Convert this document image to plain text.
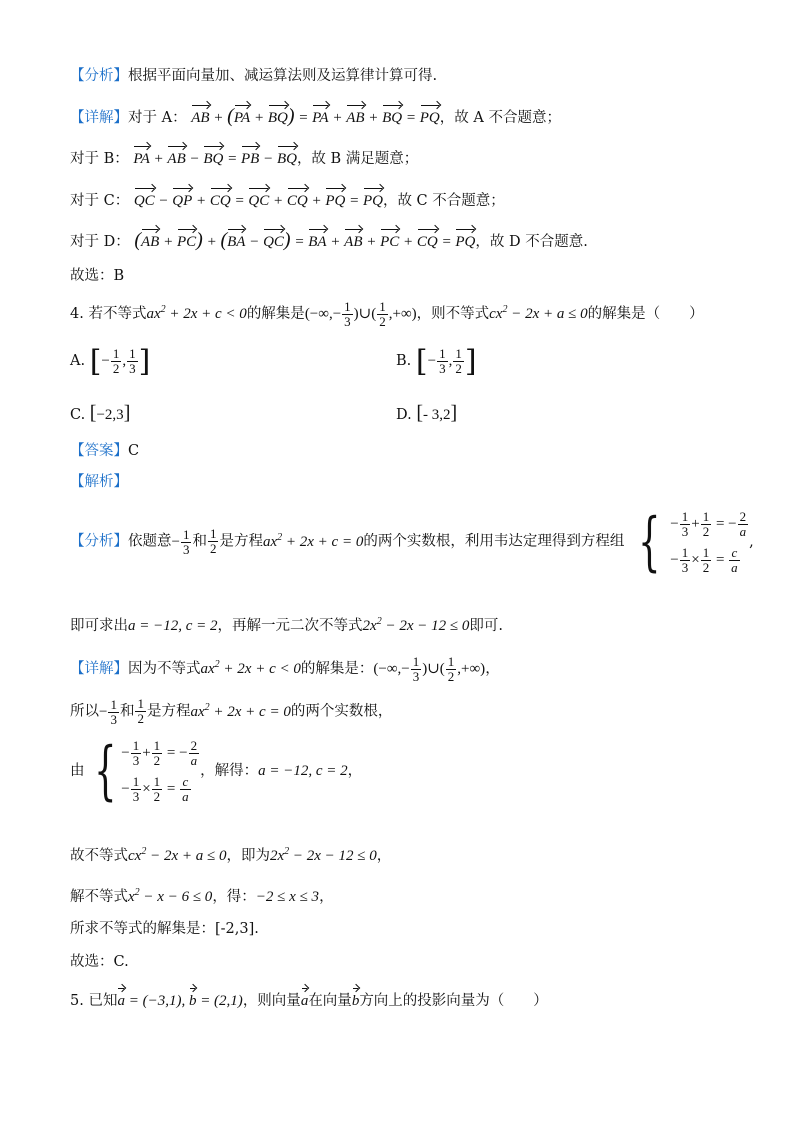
【分析】根据平面向量加、减运算法则及运算律计算可得.
【详解】对于 A： AB + (PA + BQ) = PA + AB + BQ = PQ，故 A 不合题意；
对于 B： PA + AB − BQ = PB − BQ，故 B 满足题意；
对于 C： QC − QP + CQ = QC + CQ + PQ = PQ，故 C 不合题意；
对于 D： (AB + PC) + (BA − QC) = BA + AB + PC + CQ = PQ，故 D 不合题意.
故选：B
4. 若不等式$ax^2 + 2x + c < 0$的解集是(−∞,− $\frac{1}{3}$ )∪( $\frac{1}{2}$ ,+∞)，则不等式$cx^2 - 2x + a \le 0$的解集是（　　）
A. [− $\frac{1}{2}$ , $\frac{1}{3}$ ]	B. [− $\frac{1}{3}$ , $\frac{1}{2}$ ]
C. [−2,3]	D. [- 3,2]
【答案】C
【解析】
【分析】依题意− $\frac{1}{3}$ 和 $\frac{1}{2}$ 是方程$ax^2 + 2x + c = 0$的两个实数根，利用韦达定理得到方程组 { − $\frac{1}{3} + \frac{1}{2}$ = − $\frac{2}{a}$
− $\frac{1}{3} \times \frac{1}{2} = \frac{c}{a}$
,
即可求出a = −12, c = 2，再解一元二次不等式$2x^2 - 2x - 12 \le 0$即可.
【详解】因为不等式$ax^2 + 2x + c < 0$的解集是：(−∞,− $\frac{1}{3}$ )∪( $\frac{1}{2}$ ,+∞)，
所以− $\frac{1}{3}$ 和 $\frac{1}{2}$ 是方程$ax^2 + 2x + c = 0$的两个实数根，
由 { − $\frac{1}{3} + \frac{1}{2}$ = − $\frac{2}{a}$
− $\frac{1}{3} \times \frac{1}{2} = \frac{c}{a}$
，解得：a = −12, c = 2，
故不等式$cx^2 - 2x + a \le 0$，即为$2x^2 - 2x - 12 \le 0$，
解不等式$x^2 - x - 6 \le 0$，得：−2 ≤ x ≤ 3，
所求不等式的解集是：[-2,3].
故选：C.
5. 已知a = (−3,1), b = (2,1)，则向量a在向量b方向上的投影向量为（　　）
